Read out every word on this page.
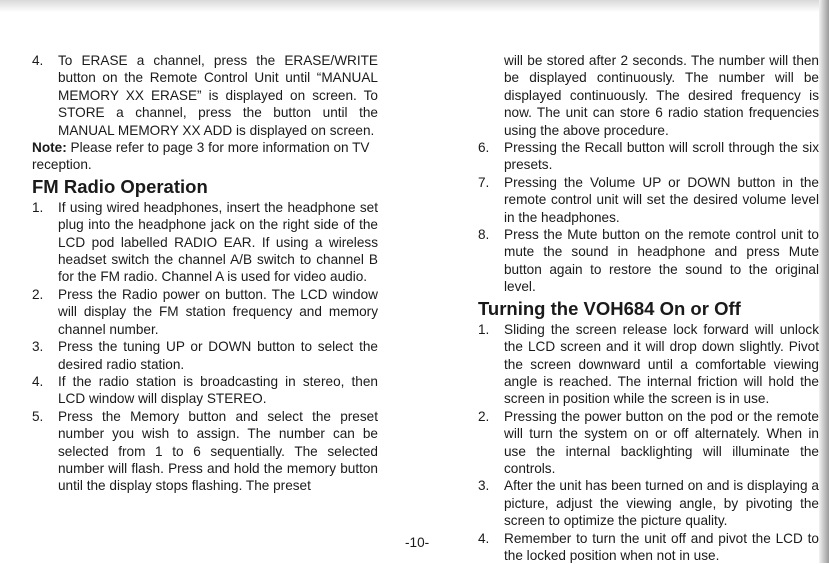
4.	To ERASE a channel, press the ERASE/WRITE button on the Remote Control Unit until “MANUAL MEMORY XX ERASE” is displayed on screen. To STORE a channel, press the button until the MANUAL MEMORY XX ADD is displayed on screen.
Note: Please refer to page 3 for more information on TV reception.
FM Radio Operation
1.	If using wired headphones, insert the headphone set plug into the headphone jack on the right side of the LCD pod labelled RADIO EAR. If using a wireless headset switch the channel A/B switch to channel B for the FM radio. Channel A is used for video audio.
2.	Press the Radio power on button. The LCD window will display the FM station frequency and memory channel number.
3.	Press the tuning UP or DOWN button to select the desired radio station.
4.	If the radio station is broadcasting in stereo, then LCD window will display STEREO.
5.	Press the Memory button and select the preset number you wish to assign. The number can be selected from 1 to 6 sequentially. The selected number will flash. Press and hold the memory button until the display stops flashing. The preset
will be stored after 2 seconds. The number will then be displayed continuously. The number will be displayed continuously. The desired frequency is now. The unit can store 6 radio station frequencies using the above procedure.
6.	Pressing the Recall button will scroll through the six presets.
7.	Pressing the Volume UP or DOWN button in the remote control unit will set the desired volume level in the headphones.
8.	Press the Mute button on the remote control unit to mute the sound in headphone and press Mute button again to restore the sound to the original level.
Turning the VOH684 On or Off
1.	Sliding the screen release lock forward will unlock the LCD screen and it will drop down slightly. Pivot the screen downward until a comfortable viewing angle is reached. The internal friction will hold the screen in position while the screen is in use.
2.	Pressing the power button on the pod or the remote will turn the system on or off alternately. When in use the internal backlighting will illuminate the controls.
3.	After the unit has been turned on and is displaying a picture, adjust the viewing angle, by pivoting the screen to optimize the picture quality.
4.	Remember to turn the unit off and pivot the LCD to the locked position when not in use.
-10-
